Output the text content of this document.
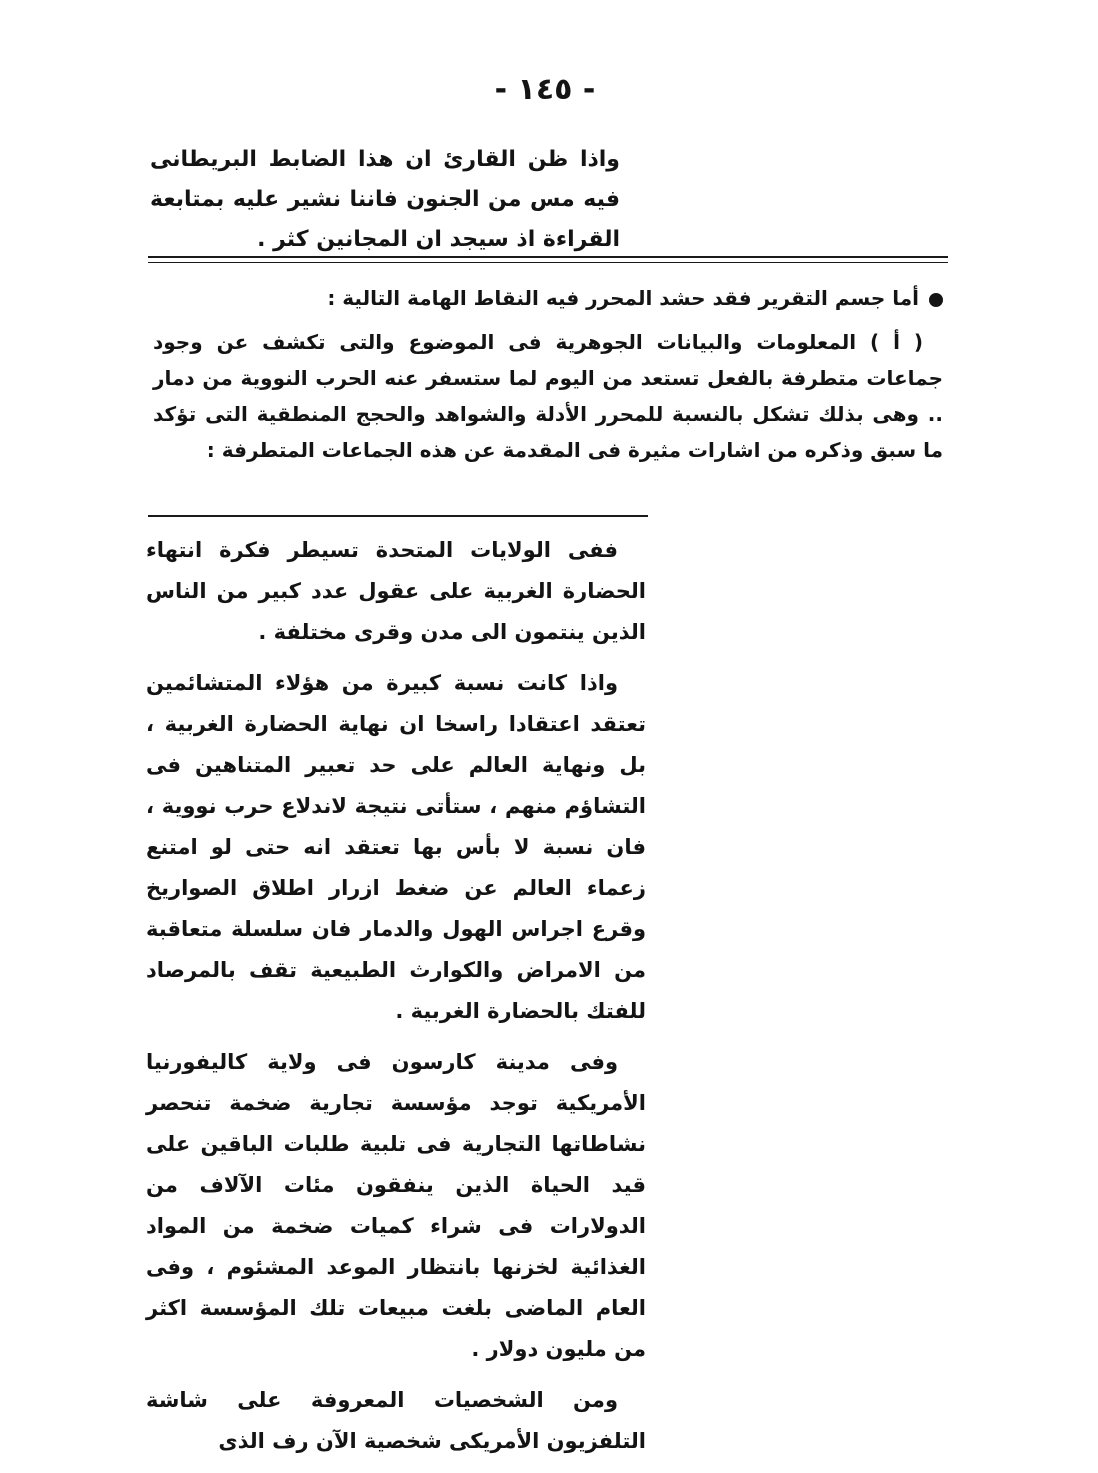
- ١٤٥ -

واذا ظن القارئ ان هذا الضابط البريطانى فيه مس من الجنون فاننا نشير عليه بمتابعة القراءة اذ سيجد ان المجانين كثر .

أما جسم التقرير فقد حشد المحرر فيه النقاط الهامة التالية :

( أ ) المعلومات والبيانات الجوهرية فى الموضوع والتى تكشف عن وجود جماعات متطرفة بالفعل تستعد من اليوم لما ستسفر عنه الحرب النووية من دمار .. وهى بذلك تشكل بالنسبة للمحرر الأدلة والشواهد والحجج المنطقية التى تؤكد ما سبق وذكره من اشارات مثيرة فى المقدمة عن هذه الجماعات المتطرفة :

ففى الولايات المتحدة تسيطر فكرة انتهاء الحضارة الغربية على عقول عدد كبير من الناس الذين ينتمون الى مدن وقرى مختلفة .

واذا كانت نسبة كبيرة من هؤلاء المتشائمين تعتقد اعتقادا راسخا ان نهاية الحضارة الغربية ، بل ونهاية العالم على حد تعبير المتناهين فى التشاؤم منهم ، ستأتى نتيجة لاندلاع حرب نووية ، فان نسبة لا بأس بها تعتقد انه حتى لو امتنع زعماء العالم عن ضغط ازرار اطلاق الصواريخ وقرع اجراس الهول والدمار فان سلسلة متعاقبة من الامراض والكوارث الطبيعية تقف بالمرصاد للفتك بالحضارة الغربية .

وفى مدينة كارسون فى ولاية كاليفورنيا الأمريكية توجد مؤسسة تجارية ضخمة تنحصر نشاطاتها التجارية فى تلبية طلبات الباقين على قيد الحياة الذين ينفقون مئات الآلاف من الدولارات فى شراء كميات ضخمة من المواد الغذائية لخزنها بانتظار الموعد المشئوم ، وفى العام الماضى بلغت مبيعات تلك المؤسسة اكثر من مليون دولار .

ومن الشخصيات المعروفة على شاشة التلفزيون الأمريكى شخصية الآن رف الذى
